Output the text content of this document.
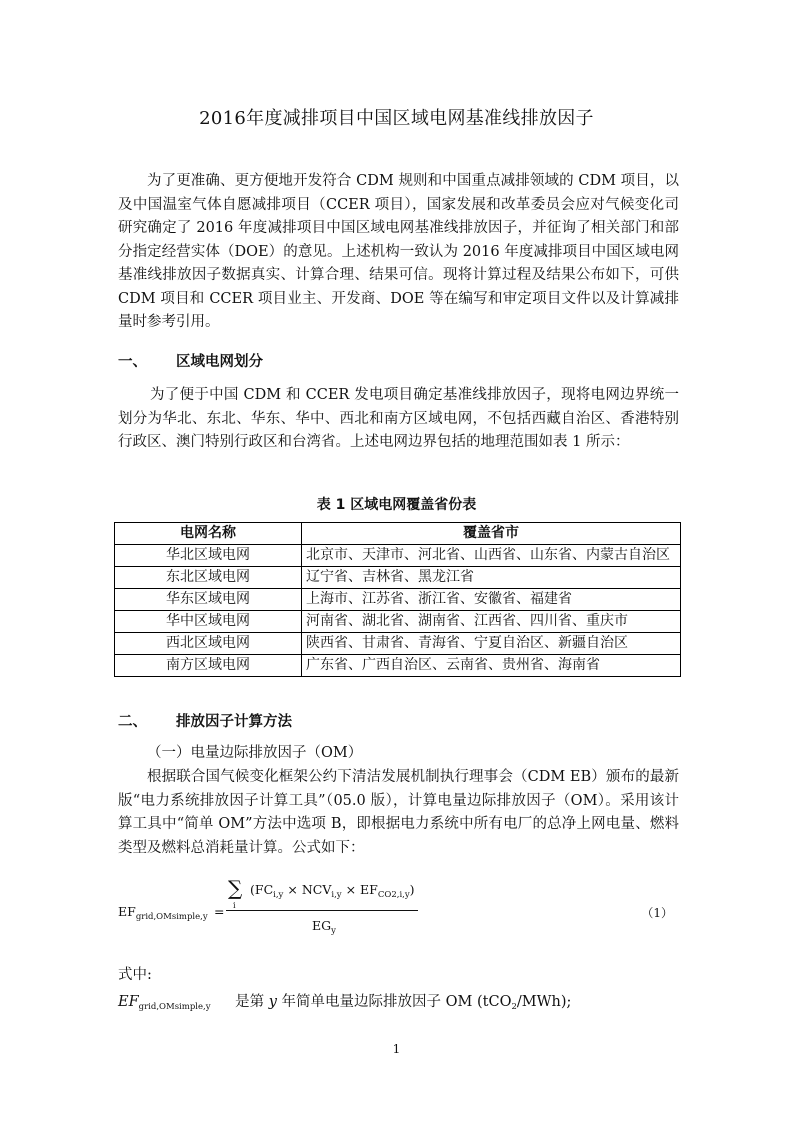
2016年度减排项目中国区域电网基准线排放因子

为了更准确、更方便地开发符合 CDM 规则和中国重点减排领域的 CDM 项目，以及中国温室气体自愿减排项目（CCER 项目），国家发展和改革委员会应对气候变化司研究确定了 2016 年度减排项目中国区域电网基准线排放因子，并征询了相关部门和部分指定经营实体（DOE）的意见。上述机构一致认为 2016 年度减排项目中国区域电网基准线排放因子数据真实、计算合理、结果可信。现将计算过程及结果公布如下，可供 CDM 项目和 CCER 项目业主、开发商、DOE 等在编写和审定项目文件以及计算减排量时参考引用。

一、 区域电网划分

为了便于中国 CDM 和 CCER 发电项目确定基准线排放因子，现将电网边界统一划分为华北、东北、华东、华中、西北和南方区域电网，不包括西藏自治区、香港特别行政区、澳门特别行政区和台湾省。上述电网边界包括的地理范围如表 1 所示：

表 1 区域电网覆盖省份表
电网名称	覆盖省市
华北区域电网	北京市、天津市、河北省、山西省、山东省、内蒙古自治区
东北区域电网	辽宁省、吉林省、黑龙江省
华东区域电网	上海市、江苏省、浙江省、安徽省、福建省
华中区域电网	河南省、湖北省、湖南省、江西省、四川省、重庆市
西北区域电网	陕西省、甘肃省、青海省、宁夏自治区、新疆自治区
南方区域电网	广东省、广西自治区、云南省、贵州省、海南省
二、 排放因子计算方法
（一）电量边际排放因子（OM）

根据联合国气候变化框架公约下清洁发展机制执行理事会（CDM EB）颁布的最新版“电力系统排放因子计算工具”（05.0 版），计算电量边际排放因子（OM）。采用该计算工具中“简单 OM”方法中选项 B，即根据电力系统中所有电厂的总净上网电量、燃料类型及燃料总消耗量计算。公式如下：

$EF_{grid,OMsimple,y}$ =
∑
i
$(FC_{i,y} \times NCV_{i,y} \times EF_{CO2,i,y})$
$EG_y$
（1）
式中:
$EF_{grid,OMsimple,y}$ 是第 y 年简单电量边际排放因子 OM (tCO$_2$/MWh);
1
